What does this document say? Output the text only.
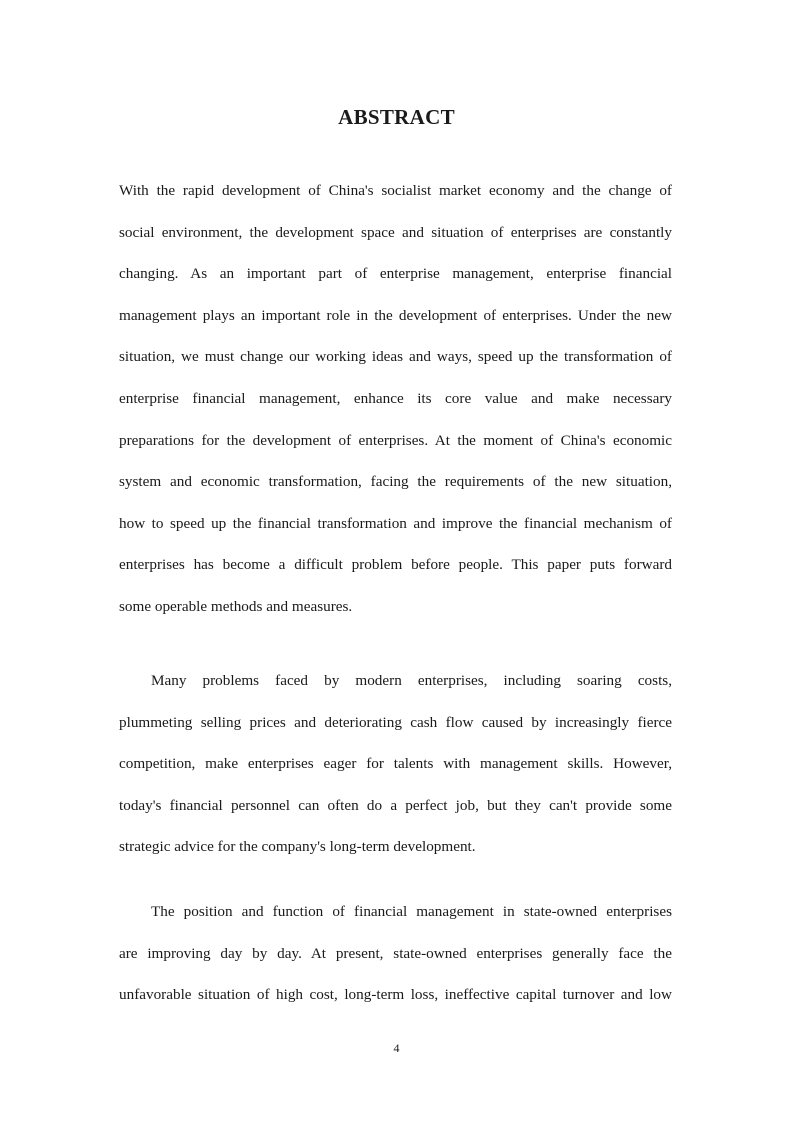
ABSTRACT
With the rapid development of China's socialist market economy and the change of
social environment, the development space and situation of enterprises are constantly
changing. As an important part of enterprise management, enterprise financial
management plays an important role in the development of enterprises. Under the new
situation, we must change our working ideas and ways, speed up the transformation of
enterprise financial management, enhance its core value and make necessary
preparations for the development of enterprises. At the moment of China's economic
system and economic transformation, facing the requirements of the new situation,
how to speed up the financial transformation and improve the financial mechanism of
enterprises has become a difficult problem before people. This paper puts forward
some operable methods and measures.
Many problems faced by modern enterprises, including soaring costs,
plummeting selling prices and deteriorating cash flow caused by increasingly fierce
competition, make enterprises eager for talents with management skills. However,
today's financial personnel can often do a perfect job, but they can't provide some
strategic advice for the company's long-term development.
The position and function of financial management in state-owned enterprises
are improving day by day. At present, state-owned enterprises generally face the
unfavorable situation of high cost, long-term loss, ineffective capital turnover and low
4
